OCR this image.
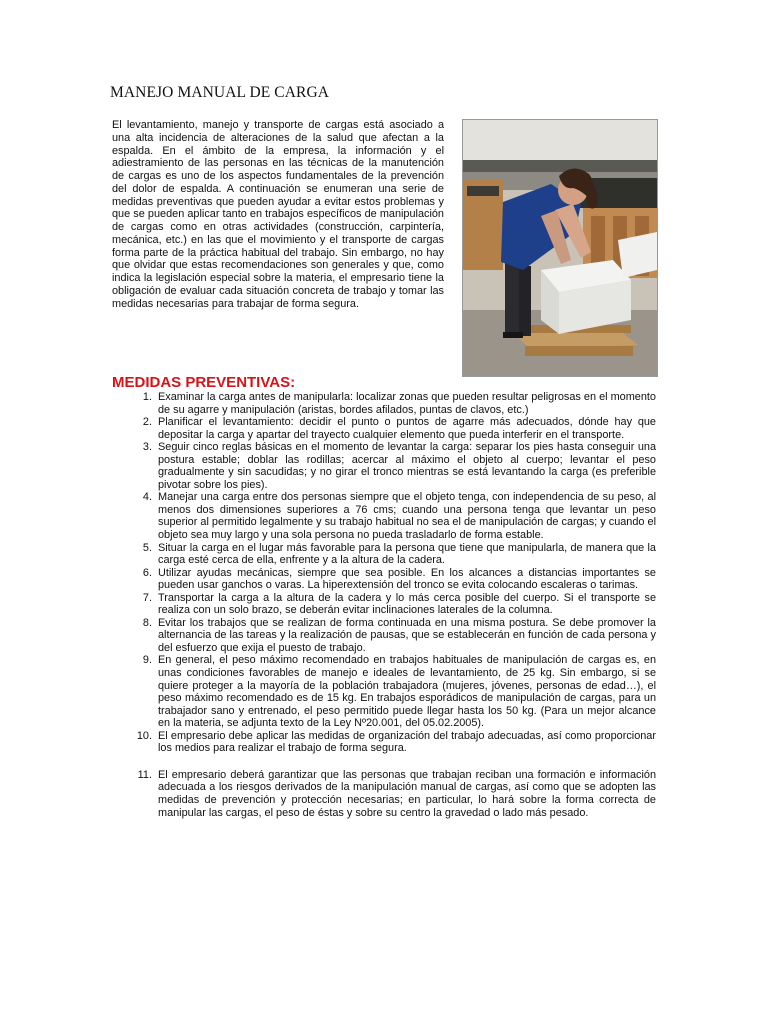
MANEJO MANUAL DE CARGA

El levantamiento, manejo y transporte de cargas está asociado a una alta incidencia de alteraciones de la salud que afectan a la espalda. En el ámbito de la empresa, la información y el adiestramiento de las personas en las técnicas de la manutención de cargas es uno de los aspectos fundamentales de la prevención del dolor de espalda. A continuación se enumeran una serie de medidas preventivas que pueden ayudar a evitar estos problemas y que se pueden aplicar tanto en trabajos específicos de manipulación de cargas como en otras actividades (construcción, carpintería, mecánica, etc.) en las que el movimiento y el transporte de cargas forma parte de la práctica habitual del trabajo. Sin embargo, no hay que olvidar que estas recomendaciones son generales y que, como indica la legislación especial sobre la materia, el empresario tiene la obligación de evaluar cada situación concreta de trabajo y tomar las medidas necesarias para trabajar de forma segura.

MEDIDAS PREVENTIVAS:
1. Examinar la carga antes de manipularla: localizar zonas que pueden resultar peligrosas en el momento de su agarre y manipulación (aristas, bordes afilados, puntas de clavos, etc.)
2. Planificar el levantamiento: decidir el punto o puntos de agarre más adecuados, dónde hay que depositar la carga y apartar del trayecto cualquier elemento que pueda interferir en el transporte.
3. Seguir cinco reglas básicas en el momento de levantar la carga: separar los pies hasta conseguir una postura estable; doblar las rodillas; acercar al máximo el objeto al cuerpo; levantar el peso gradualmente y sin sacudidas; y no girar el tronco mientras se está levantando la carga (es preferible pivotar sobre los pies).
4. Manejar una carga entre dos personas siempre que el objeto tenga, con independencia de su peso, al menos dos dimensiones superiores a 76 cms; cuando una persona tenga que levantar un peso superior al permitido legalmente y su trabajo habitual no sea el de manipulación de cargas; y cuando el objeto sea muy largo y una sola persona no pueda trasladarlo de forma estable.
5. Situar la carga en el lugar más favorable para la persona que tiene que manipularla, de manera que la carga esté cerca de ella, enfrente y a la altura de la cadera.
6. Utilizar ayudas mecánicas, siempre que sea posible. En los alcances a distancias importantes se pueden usar ganchos o varas. La hiperextensión del tronco se evita colocando escaleras o tarimas.
7. Transportar la carga a la altura de la cadera y lo más cerca posible del cuerpo. Si el transporte se realiza con un solo brazo, se deberán evitar inclinaciones laterales de la columna.
8. Evitar los trabajos que se realizan de forma continuada en una misma postura. Se debe promover la alternancia de las tareas y la realización de pausas, que se establecerán en función de cada persona y del esfuerzo que exija el puesto de trabajo.
9. En general, el peso máximo recomendado en trabajos habituales de manipulación de cargas es, en unas condiciones favorables de manejo e ideales de levantamiento, de 25 kg. Sin embargo, si se quiere proteger a la mayoría de la población trabajadora (mujeres, jóvenes, personas de edad…), el peso máximo recomendado es de 15 kg. En trabajos esporádicos de manipulación de cargas, para un trabajador sano y entrenado, el peso permitido puede llegar hasta los 50 kg. (Para un mejor alcance en la materia, se adjunta texto de la Ley Nº20.001, del 05.02.2005).
10. El empresario debe aplicar las medidas de organización del trabajo adecuadas, así como proporcionar los medios para realizar el trabajo de forma segura.
11. El empresario deberá garantizar que las personas que trabajan reciban una formación e información adecuada a los riesgos derivados de la manipulación manual de cargas, así como que se adopten las medidas de prevención y protección necesarias; en particular, lo hará sobre la forma correcta de manipular las cargas, el peso de éstas y sobre su centro la gravedad o lado más pesado.
